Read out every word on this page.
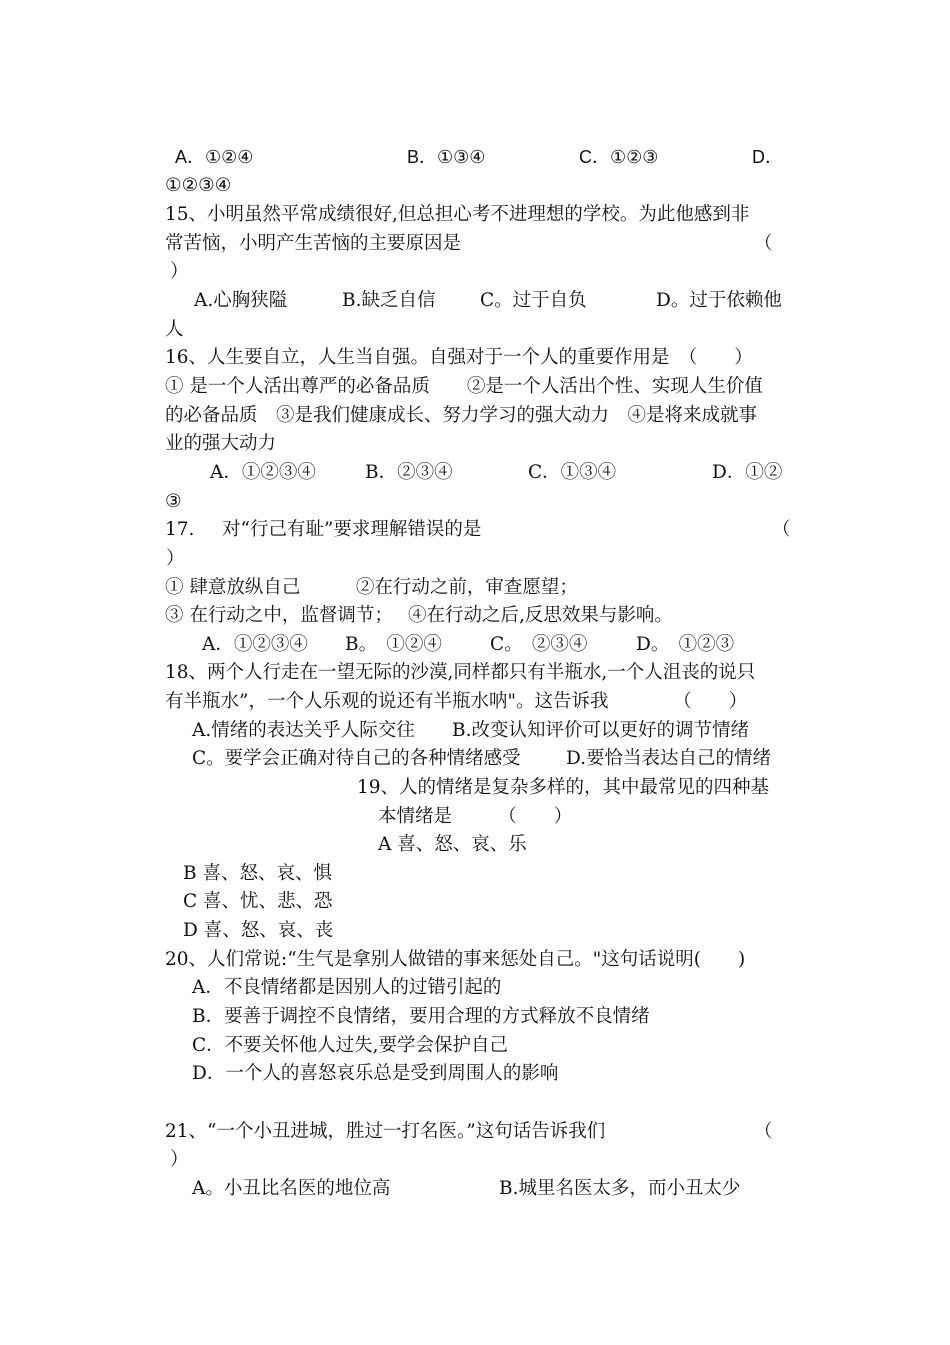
A．①②④	B．①③④	C．①②③	D．
①②③④
15、小明虽然平常成绩很好,但总担心考不进理想的学校。为此他感到非
常苦恼，小明产生苦恼的主要原因是	（
）
A.心胸狭隘	B.缺乏自信 C。过于自负	D。过于依赖他
人
16、人生要自立，人生当自强。自强对于一个人的重要作用是　（　　）
① 是一个人活出尊严的必备品质　　②是一个人活出个性、实现人生价值
的必备品质　③是我们健康成长、努力学习的强大动力　④是将来成就事
业的强大动力
A．①②③④	B．②③④	C．①③④	D．①②
③
17. 对“行己有耻”要求理解错误的是	（
）
① 肆意放纵自己　　　②在行动之前，审查愿望；
③ 在行动之中，监督调节；　 ④在行动之后,反思效果与影响。
A．①②③④ B。　①②④	C。　②③④	D。　①②③
18、两个人行走在一望无际的沙漠,同样都只有半瓶水,一个人沮丧的说只
有半瓶水”，一个人乐观的说还有半瓶水呐"。这告诉我　　　　（　　）
A.情绪的表达关乎人际交往 B.改变认知评价可以更好的调节情绪
C。要学会正确对待自己的各种情绪感受 D.要恰当表达自己的情绪
19、人的情绪是复杂多样的，其中最常见的四种基
本情绪是　　　（　　）
A 喜、怒、哀、乐
B 喜、怒、哀、惧
C 喜、忧、悲、恐
D 喜、怒、哀、丧
20、人们常说:“生气是拿别人做错的事来惩处自己。"这句话说明(　　)
A．不良情绪都是因别人的过错引起的
B．要善于调控不良情绪，要用合理的方式释放不良情绪
C．不要关怀他人过失,要学会保护自己
D．一个人的喜怒哀乐总是受到周围人的影响
21、“一个小丑进城，胜过一打名医。”这句话告诉我们	（
）
A。小丑比名医的地位高	B.城里名医太多，而小丑太少
